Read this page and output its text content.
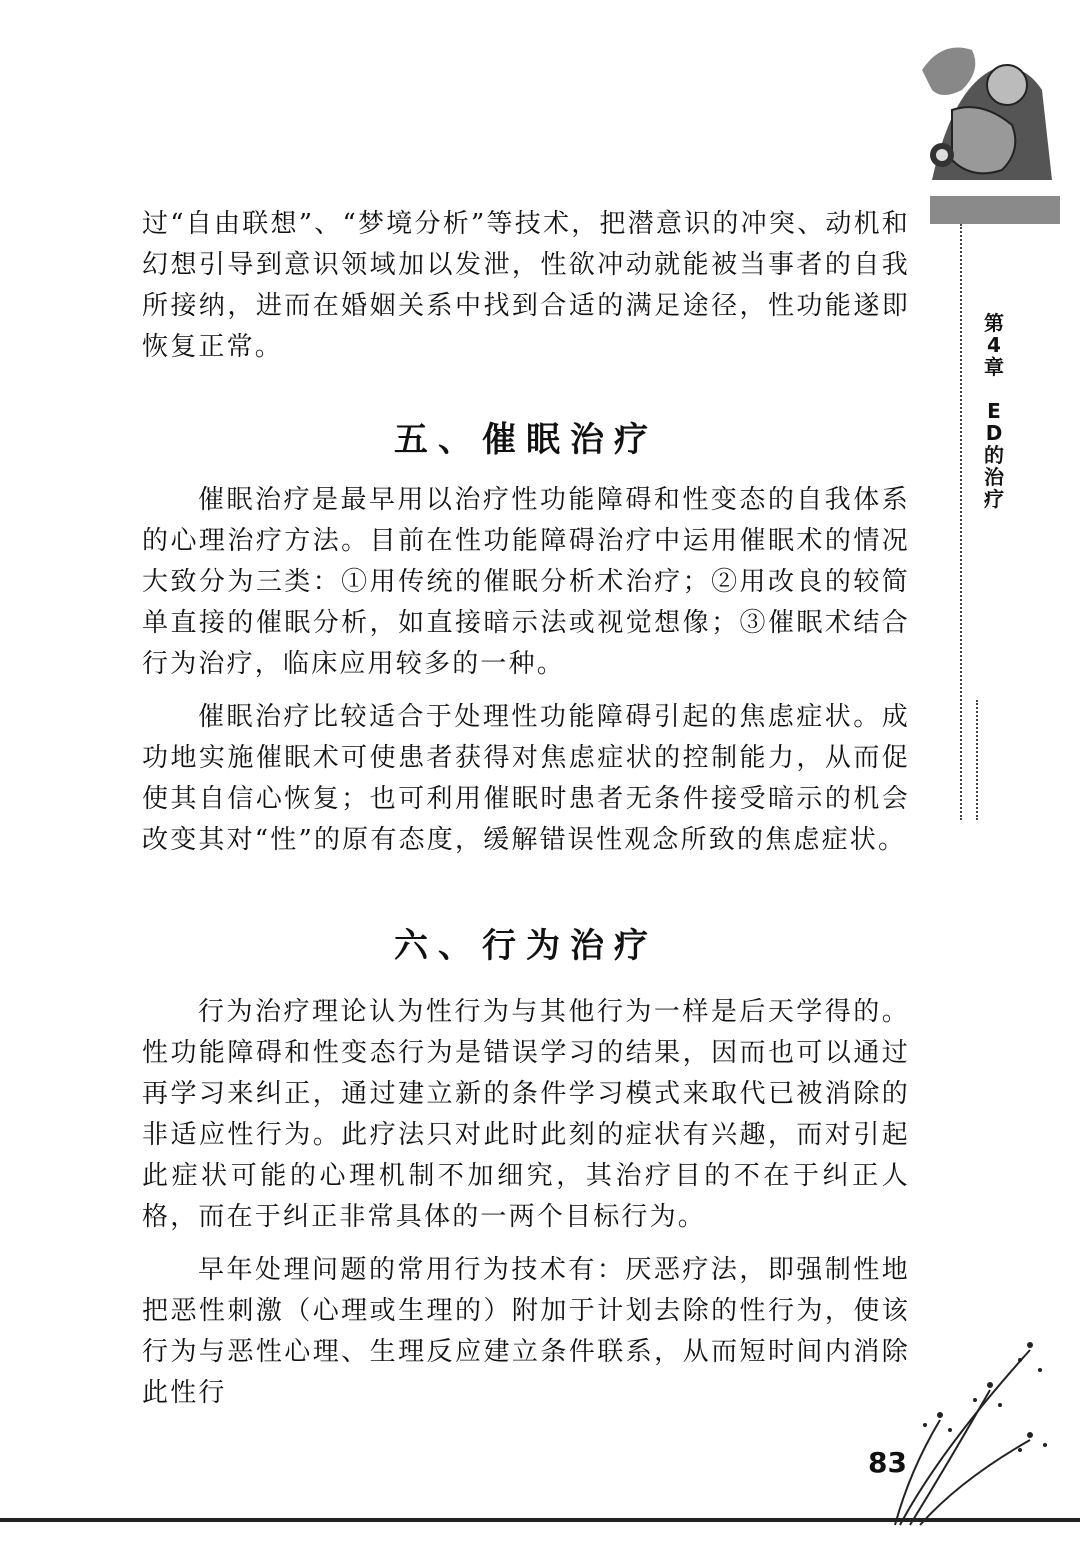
第4章
ED的治疗

过“自由联想”、“梦境分析”等技术，把潜意识的冲突、动机和幻想引导到意识领域加以发泄，性欲冲动就能被当事者的自我所接纳，进而在婚姻关系中找到合适的满足途径，性功能遂即恢复正常。

五、催眠治疗

催眠治疗是最早用以治疗性功能障碍和性变态的自我体系的心理治疗方法。目前在性功能障碍治疗中运用催眠术的情况大致分为三类：①用传统的催眠分析术治疗；②用改良的较简单直接的催眠分析，如直接暗示法或视觉想像；③催眠术结合行为治疗，临床应用较多的一种。

催眠治疗比较适合于处理性功能障碍引起的焦虑症状。成功地实施催眠术可使患者获得对焦虑症状的控制能力，从而促使其自信心恢复；也可利用催眠时患者无条件接受暗示的机会改变其对“性”的原有态度，缓解错误性观念所致的焦虑症状。

六、行为治疗

行为治疗理论认为性行为与其他行为一样是后天学得的。性功能障碍和性变态行为是错误学习的结果，因而也可以通过再学习来纠正，通过建立新的条件学习模式来取代已被消除的非适应性行为。此疗法只对此时此刻的症状有兴趣，而对引起此症状可能的心理机制不加细究，其治疗目的不在于纠正人格，而在于纠正非常具体的一两个目标行为。

早年处理问题的常用行为技术有：厌恶疗法，即强制性地把恶性刺激（心理或生理的）附加于计划去除的性行为，使该行为与恶性心理、生理反应建立条件联系，从而短时间内消除此性行

83
